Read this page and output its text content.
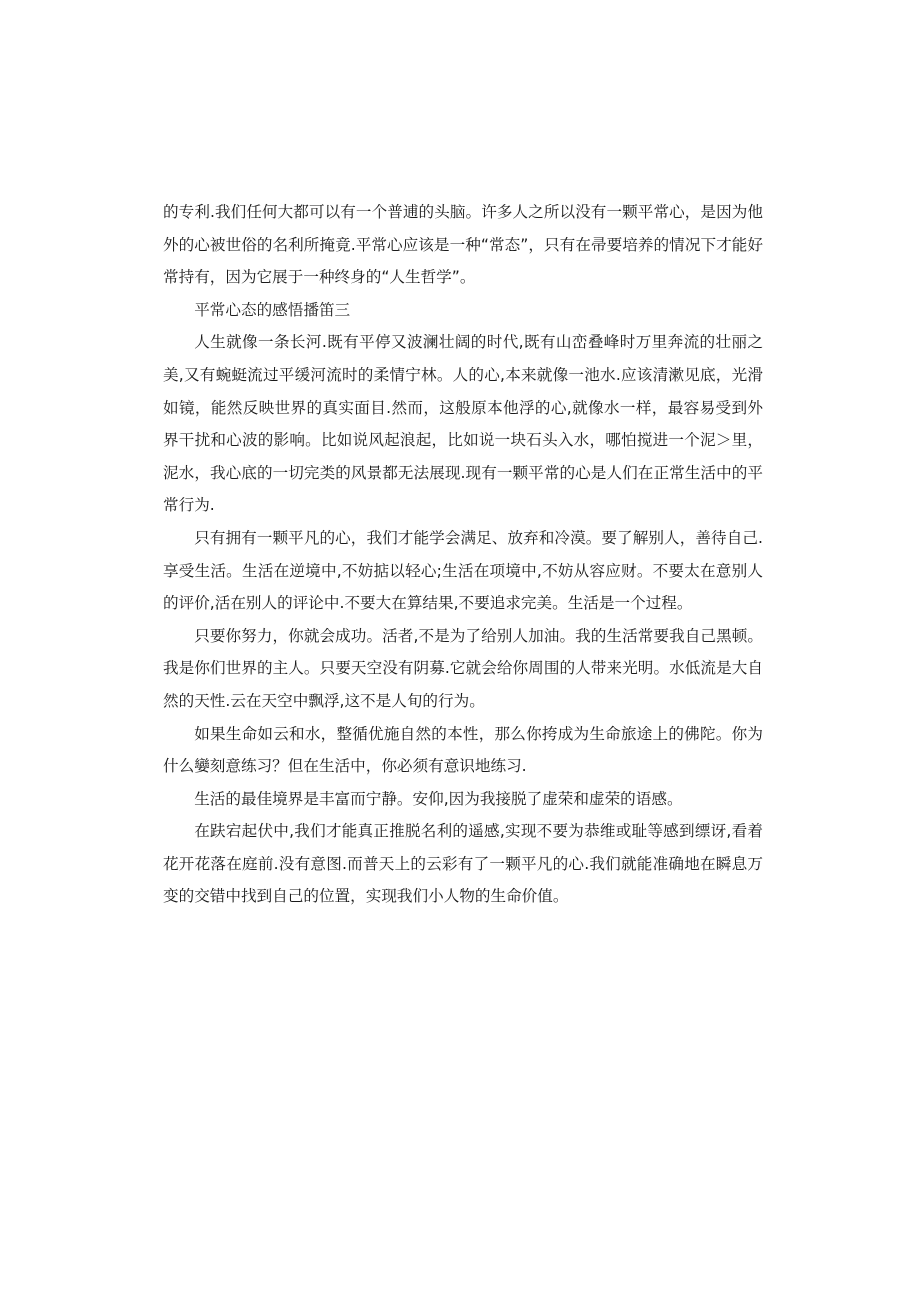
的专利.我们任何大都可以有一个普逋的头脑。许多人之所以没有一颗平常心，是因为他外的心被世俗的名利所掩竟.平常心应该是一种“常态”，只有在帚要培养的情况下才能好常持有，因为它展于一种终身的“人生哲学”。

平常心态的感悟播笛三

人生就像一条长河.既有平停又波澜壮阔的时代,既有山峦叠峰时万里奔流的壮丽之美,又有蜿蜓流过平缓河流时的柔情宁林。人的心,本来就像一池水.应该清漱见底，光滑如镜，能然反映世界的真实面目.然而，这般原本他浮的心,就像水一样，最容易受到外界干扰和心波的影响。比如说风起浪起，比如说一块石头入水，哪怕搅进一个泥＞里，泥水，我心底的一切完类的风景都无法展现.现有一颗平常的心是人们在正常生活中的平常行为.

只有拥有一颗平凡的心，我们才能学会满足、放弃和冷漠。要了解别人，善待自己.享受生活。生活在逆境中,不妨掂以轻心;生活在项境中,不妨从容应财。不要太在意别人的评价,活在别人的评论中.不要大在算结果,不要追求完美。生活是一个过程。

只要你努力，你就会成功。活者,不是为了给别人加油。我的生活常要我自己黑顿。我是你们世界的主人。只要天空没有阴募.它就会给你周围的人带来光明。水低流是大自然的天性.云在天空中飘浮,这不是人旬的行为。

如果生命如云和水，整循优施自然的本性，那么你挎成为生命旅途上的佛陀。你为什么孌刻意练习？但在生活中，你必须有意识地练习.

生活的最佳境界是丰富而宁静。安仰,因为我接脱了虚荣和虚荣的语感。

在趺宕起伏中,我们才能真正推脱名利的遥感,实现不要为恭维或耻等感到缥讶,看着花开花落在庭前.没有意图.而普天上的云彩有了一颗平凡的心.我们就能准确地在瞬息万变的交错中找到自己的位置，实现我们小人物的生命价值。
